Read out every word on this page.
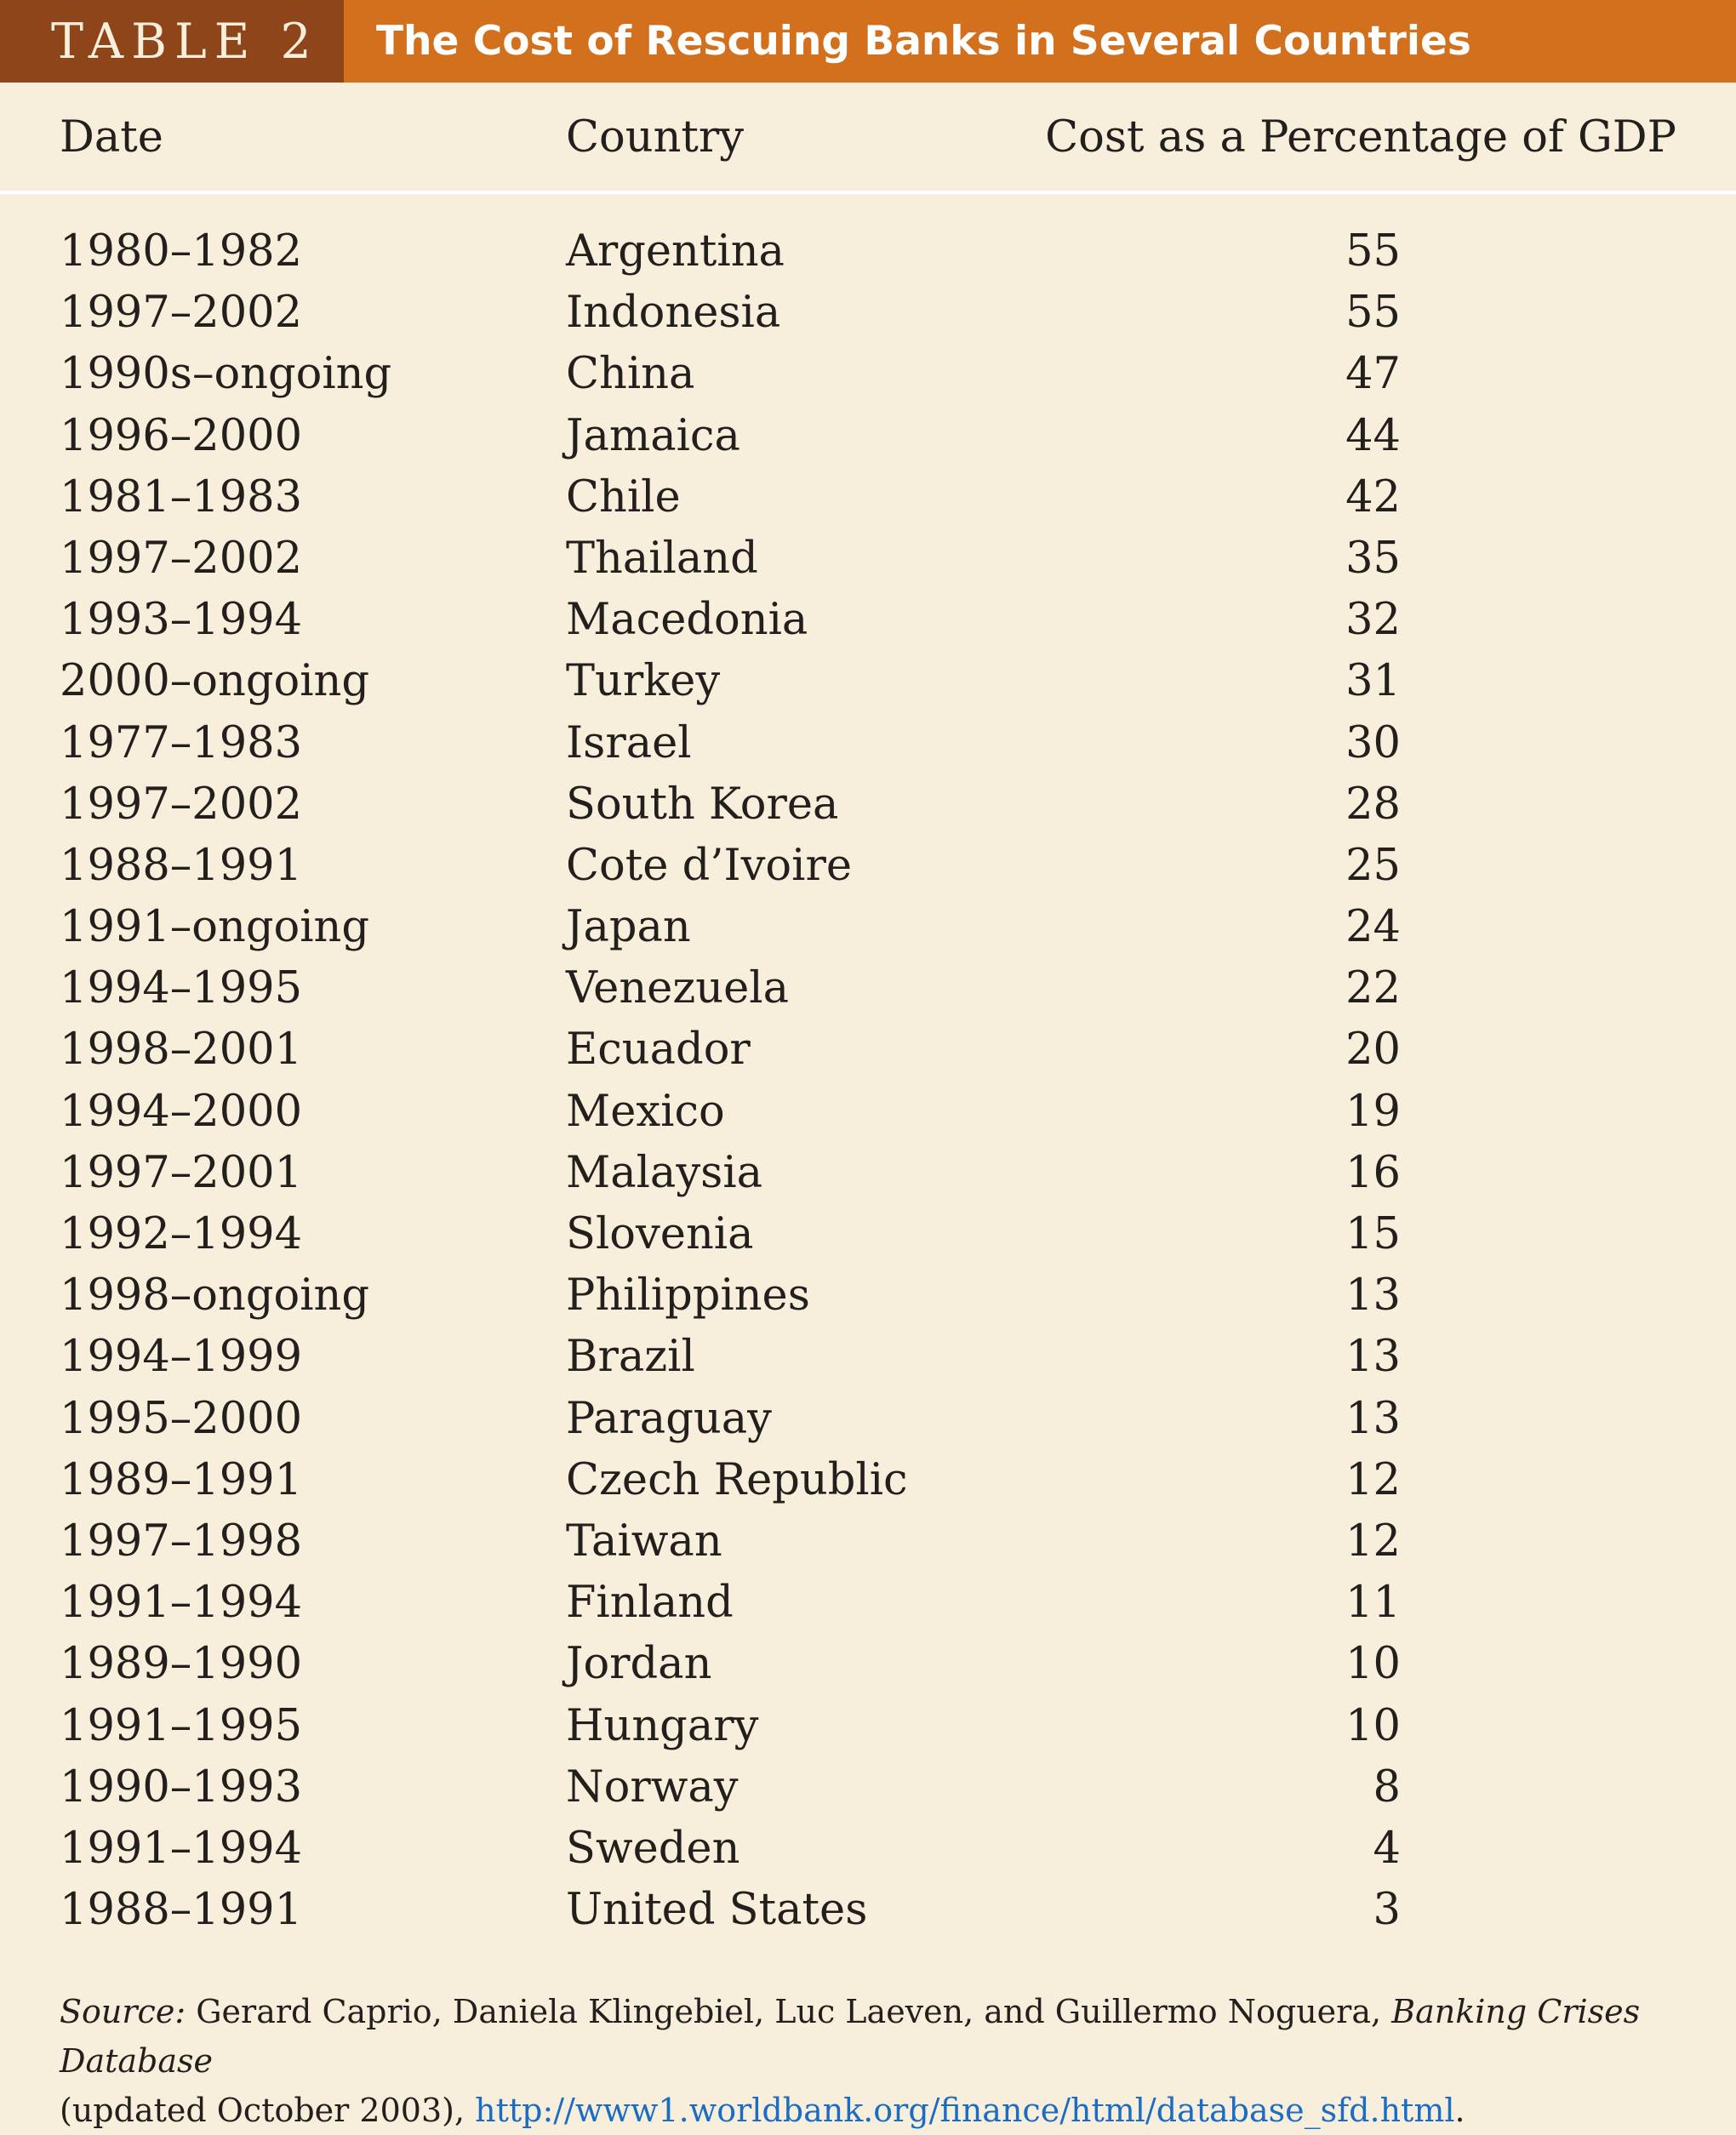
TABLE 2	The Cost of Rescuing Banks in Several Countries
Date	Country	Cost as a Percentage of GDP
1980–1982	Argentina	55
1997–2002	Indonesia	55
1990s–ongoing	China	47
1996–2000	Jamaica	44
1981–1983	Chile	42
1997–2002	Thailand	35
1993–1994	Macedonia	32
2000–ongoing	Turkey	31
1977–1983	Israel	30
1997–2002	South Korea	28
1988–1991	Cote d’Ivoire	25
1991–ongoing	Japan	24
1994–1995	Venezuela	22
1998–2001	Ecuador	20
1994–2000	Mexico	19
1997–2001	Malaysia	16
1992–1994	Slovenia	15
1998–ongoing	Philippines	13
1994–1999	Brazil	13
1995–2000	Paraguay	13
1989–1991	Czech Republic	12
1997–1998	Taiwan	12
1991–1994	Finland	11
1989–1990	Jordan	10
1991–1995	Hungary	10
1990–1993	Norway	8
1991–1994	Sweden	4
1988–1991	United States	3
Source: Gerard Caprio, Daniela Klingebiel, Luc Laeven, and Guillermo Noguera, Banking Crises Database
(updated October 2003), http://www1.worldbank.org/finance/html/database_sfd.html.
